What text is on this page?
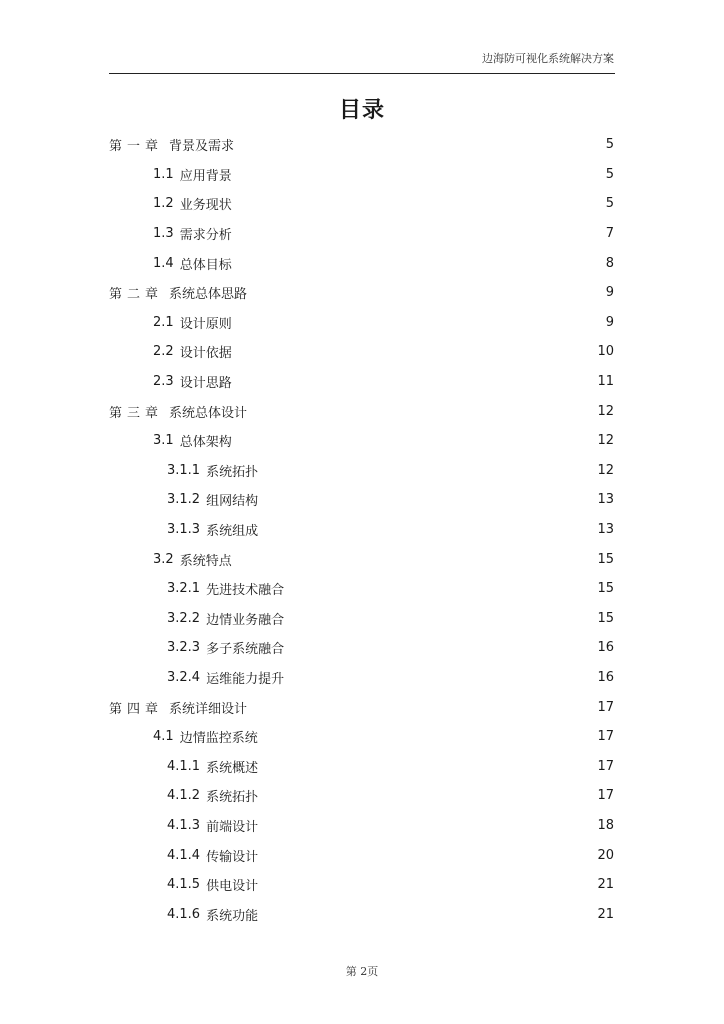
边海防可视化系统解决方案
目录
第一章 背景及需求	5
1.1 应用背景	5
1.2 业务现状	5
1.3 需求分析	7
1.4 总体目标	8
第二章 系统总体思路	9
2.1 设计原则	9
2.2 设计依据	10
2.3 设计思路	11
第三章 系统总体设计	12
3.1 总体架构	12
3.1.1 系统拓扑	12
3.1.2 组网结构	13
3.1.3 系统组成	13
3.2 系统特点	15
3.2.1 先进技术融合	15
3.2.2 边情业务融合	15
3.2.3 多子系统融合	16
3.2.4 运维能力提升	16
第四章 系统详细设计	17
4.1 边情监控系统	17
4.1.1 系统概述	17
4.1.2 系统拓扑	17
4.1.3 前端设计	18
4.1.4 传输设计	20
4.1.5 供电设计	21
4.1.6 系统功能	21
第 2页
